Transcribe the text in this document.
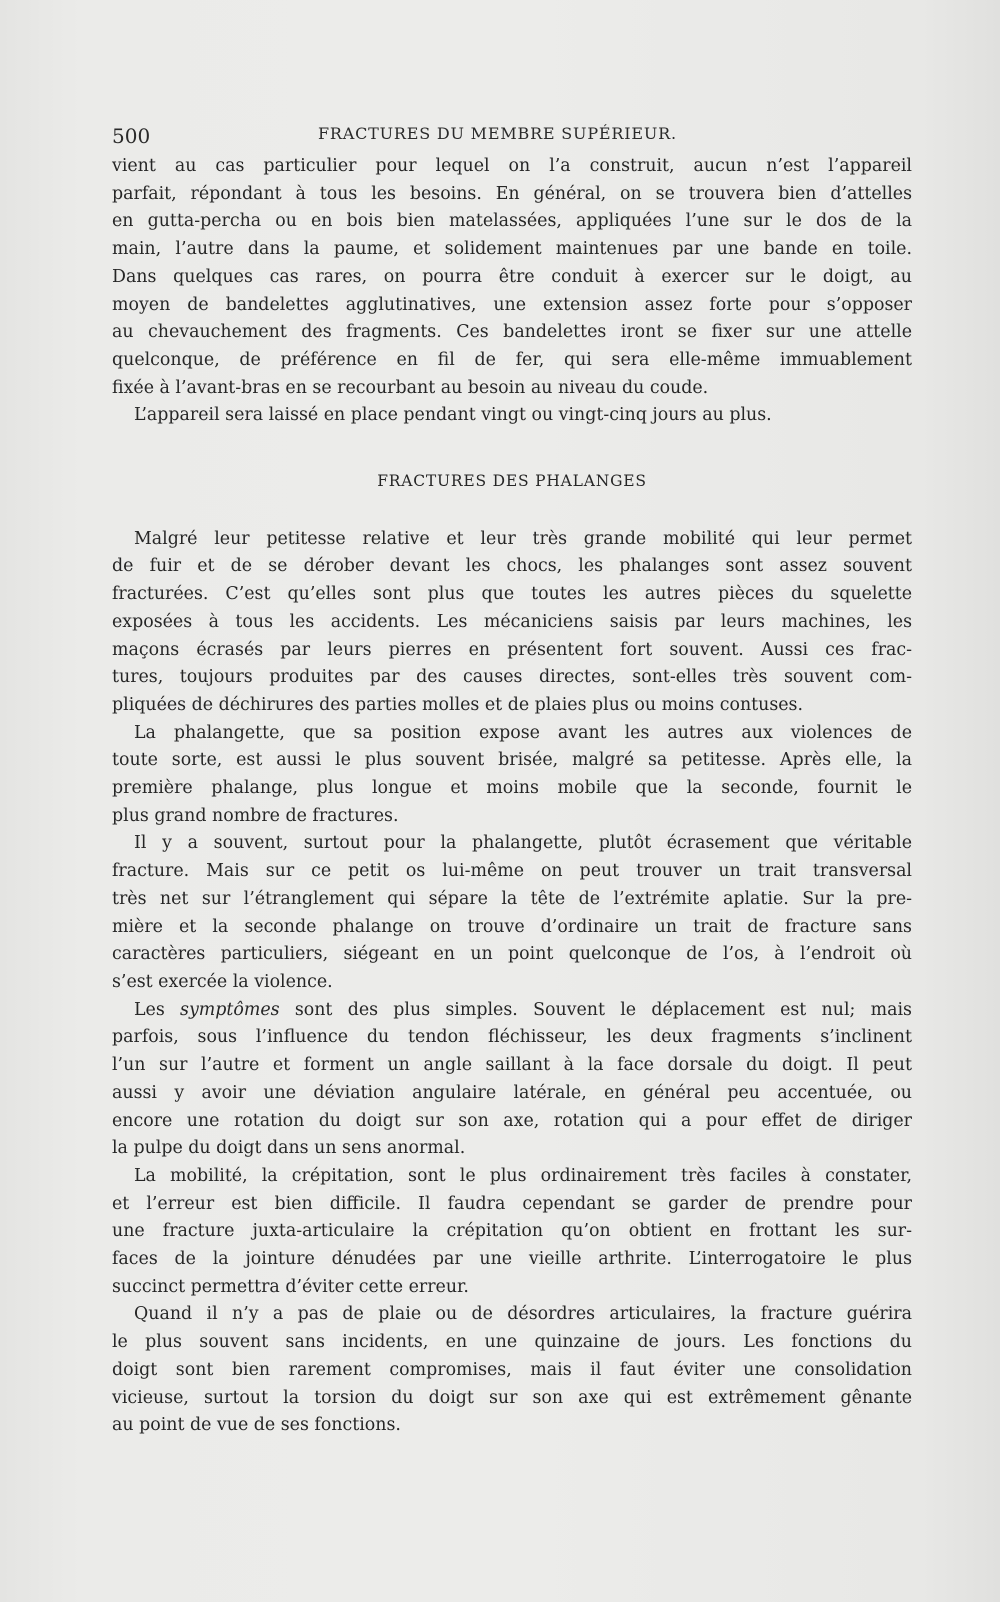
500	FRACTURES DU MEMBRE SUPÉRIEUR.
vient au cas particulier pour lequel on l’a construit, aucun n’est l’appareil
parfait, répondant à tous les besoins. En général, on se trouvera bien d’attelles
en gutta-percha ou en bois bien matelassées, appliquées l’une sur le dos de la
main, l’autre dans la paume, et solidement maintenues par une bande en toile.
Dans quelques cas rares, on pourra être conduit à exercer sur le doigt, au
moyen de bandelettes agglutinatives, une extension assez forte pour s’opposer
au chevauchement des fragments. Ces bandelettes iront se fixer sur une attelle
quelconque, de préférence en fil de fer, qui sera elle-même immuablement
fixée à l’avant-bras en se recourbant au besoin au niveau du coude.
L’appareil sera laissé en place pendant vingt ou vingt-cinq jours au plus.
FRACTURES DES PHALANGES
Malgré leur petitesse relative et leur très grande mobilité qui leur permet
de fuir et de se dérober devant les chocs, les phalanges sont assez souvent
fracturées. C’est qu’elles sont plus que toutes les autres pièces du squelette
exposées à tous les accidents. Les mécaniciens saisis par leurs machines, les
maçons écrasés par leurs pierres en présentent fort souvent. Aussi ces frac-
tures, toujours produites par des causes directes, sont-elles très souvent com-
pliquées de déchirures des parties molles et de plaies plus ou moins contuses.
La phalangette, que sa position expose avant les autres aux violences de
toute sorte, est aussi le plus souvent brisée, malgré sa petitesse. Après elle, la
première phalange, plus longue et moins mobile que la seconde, fournit le
plus grand nombre de fractures.
Il y a souvent, surtout pour la phalangette, plutôt écrasement que véritable
fracture. Mais sur ce petit os lui-même on peut trouver un trait transversal
très net sur l’étranglement qui sépare la tête de l’extrémite aplatie. Sur la pre-
mière et la seconde phalange on trouve d’ordinaire un trait de fracture sans
caractères particuliers, siégeant en un point quelconque de l’os, à l’endroit où
s’est exercée la violence.
Les symptômes sont des plus simples. Souvent le déplacement est nul; mais
parfois, sous l’influence du tendon fléchisseur, les deux fragments s’inclinent
l’un sur l’autre et forment un angle saillant à la face dorsale du doigt. Il peut
aussi y avoir une déviation angulaire latérale, en général peu accentuée, ou
encore une rotation du doigt sur son axe, rotation qui a pour effet de diriger
la pulpe du doigt dans un sens anormal.
La mobilité, la crépitation, sont le plus ordinairement très faciles à constater,
et l’erreur est bien difficile. Il faudra cependant se garder de prendre pour
une fracture juxta-articulaire la crépitation qu’on obtient en frottant les sur-
faces de la jointure dénudées par une vieille arthrite. L’interrogatoire le plus
succinct permettra d’éviter cette erreur.
Quand il n’y a pas de plaie ou de désordres articulaires, la fracture guérira
le plus souvent sans incidents, en une quinzaine de jours. Les fonctions du
doigt sont bien rarement compromises, mais il faut éviter une consolidation
vicieuse, surtout la torsion du doigt sur son axe qui est extrêmement gênante
au point de vue de ses fonctions.
